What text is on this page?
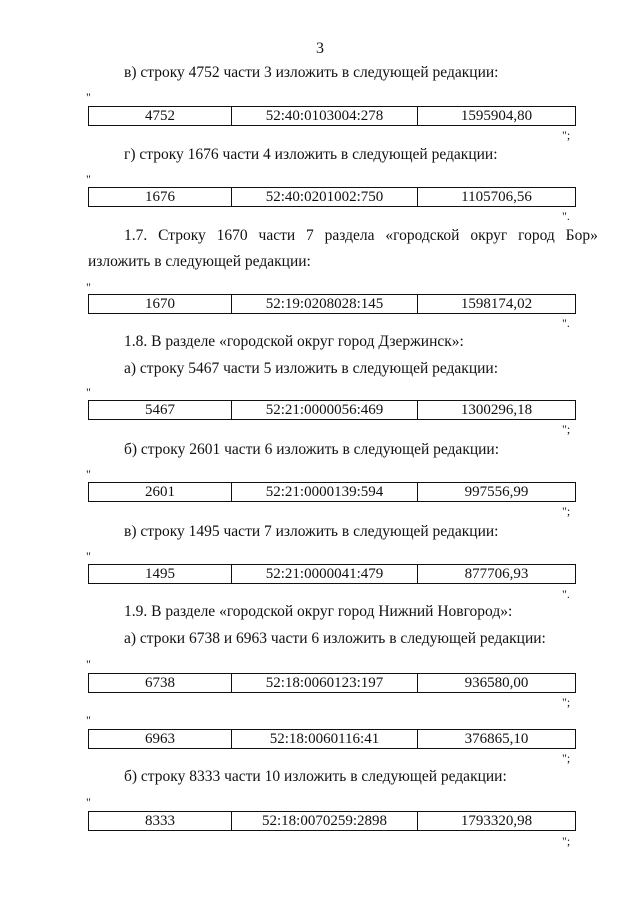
3
в) строку 4752 части 3 изложить в следующей редакции:
"
4752	52:40:0103004:278	1595904,80
";
г) строку 1676 части 4 изложить в следующей редакции:
"
1676	52:40:0201002:750	1105706,56
".
1.7. Строку 1670 части 7 раздела «городской округ город Бор»
изложить в следующей редакции:
"
1670	52:19:0208028:145	1598174,02
".
1.8. В разделе «городской округ город Дзержинск»:
а) строку 5467 части 5 изложить в следующей редакции:
"
5467	52:21:0000056:469	1300296,18
";
б) строку 2601 части 6 изложить в следующей редакции:
"
2601	52:21:0000139:594	997556,99
";
в) строку 1495 части 7 изложить в следующей редакции:
"
1495	52:21:0000041:479	877706,93
".
1.9. В разделе «городской округ город Нижний Новгород»:
а) строки 6738 и 6963 части 6 изложить в следующей редакции:
"
6738	52:18:0060123:197	936580,00
";
"
6963	52:18:0060116:41	376865,10
";
б) строку 8333 части 10 изложить в следующей редакции:
"
8333	52:18:0070259:2898	1793320,98
";
